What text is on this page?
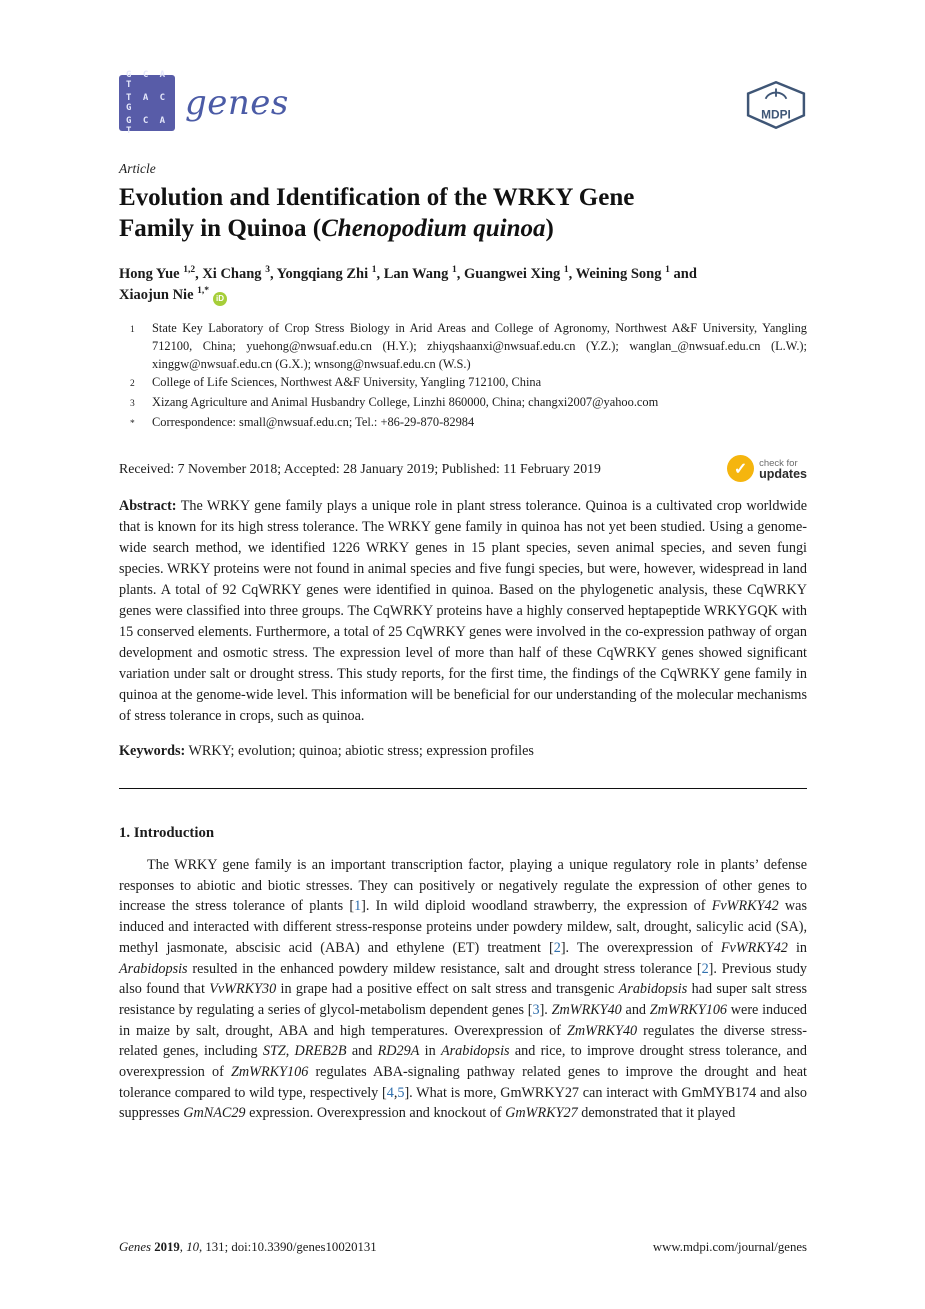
G C A T
T A C G
G C A T
genes	MDPI
Article
Evolution and Identification of the WRKY Gene
Family in Quinoa (Chenopodium quinoa)
Hong Yue $^{1,2}$, Xi Chang $^3$, Yongqiang Zhi $^1$, Lan Wang $^1$, Guangwei Xing $^1$, Weining Song $^1$ and
Xiaojun Nie $^{1,*}$iD
1	State Key Laboratory of Crop Stress Biology in Arid Areas and College of Agronomy, Northwest A&F University, Yangling 712100, China; yuehong@nwsuaf.edu.cn (H.Y.); zhiyqshaanxi@nwsuaf.edu.cn (Y.Z.); wanglan_@nwsuaf.edu.cn (L.W.); xinggw@nwsuaf.edu.cn (G.X.); wnsong@nwsuaf.edu.cn (W.S.)
2	College of Life Sciences, Northwest A&F University, Yangling 712100, China
3	Xizang Agriculture and Animal Husbandry College, Linzhi 860000, China; changxi2007@yahoo.com
*	Correspondence: small@nwsuaf.edu.cn; Tel.: +86-29-870-82984
Received: 7 November 2018; Accepted: 28 January 2019; Published: 11 February 2019	✓	check for
updates

Abstract: The WRKY gene family plays a unique role in plant stress tolerance. Quinoa is a cultivated crop worldwide that is known for its high stress tolerance. The WRKY gene family in quinoa has not yet been studied. Using a genome-wide search method, we identified 1226 WRKY genes in 15 plant species, seven animal species, and seven fungi species. WRKY proteins were not found in animal species and five fungi species, but were, however, widespread in land plants. A total of 92 CqWRKY genes were identified in quinoa. Based on the phylogenetic analysis, these CqWRKY genes were classified into three groups. The CqWRKY proteins have a highly conserved heptapeptide WRKYGQK with 15 conserved elements. Furthermore, a total of 25 CqWRKY genes were involved in the co-expression pathway of organ development and osmotic stress. The expression level of more than half of these CqWRKY genes showed significant variation under salt or drought stress. This study reports, for the first time, the findings of the CqWRKY gene family in quinoa at the genome-wide level. This information will be beneficial for our understanding of the molecular mechanisms of stress tolerance in crops, such as quinoa.

Keywords: WRKY; evolution; quinoa; abiotic stress; expression profiles

1. Introduction

The WRKY gene family is an important transcription factor, playing a unique regulatory role in plants’ defense responses to abiotic and biotic stresses. They can positively or negatively regulate the expression of other genes to increase the stress tolerance of plants [1]. In wild diploid woodland strawberry, the expression of FvWRKY42 was induced and interacted with different stress-response proteins under powdery mildew, salt, drought, salicylic acid (SA), methyl jasmonate, abscisic acid (ABA) and ethylene (ET) treatment [2]. The overexpression of FvWRKY42 in Arabidopsis resulted in the enhanced powdery mildew resistance, salt and drought stress tolerance [2]. Previous study also found that VvWRKY30 in grape had a positive effect on salt stress and transgenic Arabidopsis had super salt stress resistance by regulating a series of glycol-metabolism dependent genes [3]. ZmWRKY40 and ZmWRKY106 were induced in maize by salt, drought, ABA and high temperatures. Overexpression of ZmWRKY40 regulates the diverse stress-related genes, including STZ, DREB2B and RD29A in Arabidopsis and rice, to improve drought stress tolerance, and overexpression of ZmWRKY106 regulates ABA-signaling pathway related genes to improve the drought and heat tolerance compared to wild type, respectively [4,5]. What is more, GmWRKY27 can interact with GmMYB174 and also suppresses GmNAC29 expression. Overexpression and knockout of GmWRKY27 demonstrated that it played

Genes 2019, 10, 131; doi:10.3390/genes10020131	www.mdpi.com/journal/genes
